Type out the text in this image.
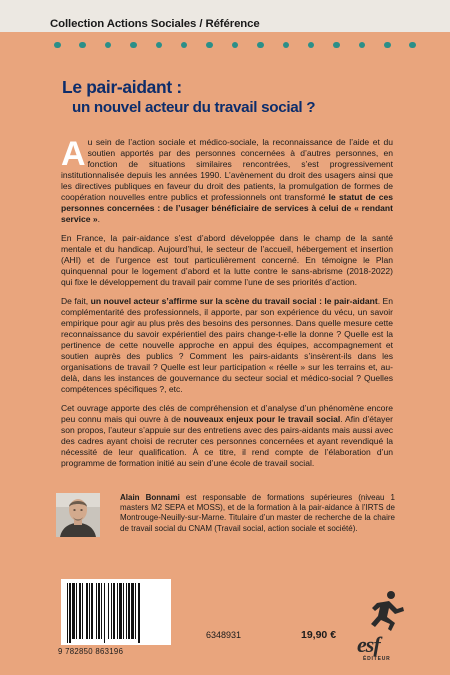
Collection Actions Sociales / Référence
Le pair-aidant :
un nouvel acteur du travail social ?

Au sein de l’action sociale et médico-sociale, la reconnaissance de l’aide et du soutien apportés par des personnes concernées à d’autres personnes, en fonction de situations similaires rencontrées, s’est progressivement institutionnalisée depuis les années 1990. L’avènement du droit des usagers ainsi que les directives publiques en faveur du droit des patients, la promulgation de formes de coopération nouvelles entre publics et professionnels ont transformé le statut de ces personnes concernées : de l’usager bénéficiaire de services à celui de « rendant service ».

En France, la pair-aidance s’est d’abord développée dans le champ de la santé mentale et du handicap. Aujourd’hui, le secteur de l’accueil, hébergement et insertion (AHI) et de l’urgence est tout particulièrement concerné. En témoigne le Plan quinquennal pour le logement d’abord et la lutte contre le sans-abrisme (2018-2022) qui fixe le développement du travail pair comme l’une de ses priorités d’action.

De fait, un nouvel acteur s’affirme sur la scène du travail social : le pair-aidant. En complémentarité des professionnels, il apporte, par son expérience du vécu, un savoir empirique pour agir au plus près des besoins des personnes. Dans quelle mesure cette reconnaissance du savoir expérientiel des pairs change-t-elle la donne ? Quelle est la pertinence de cette nouvelle approche en appui des équipes, accompagnement et soutien auprès des publics ? Comment les pairs-aidants s’insèrent-ils dans les organisations de travail ? Quelle est leur participation « réelle » sur les terrains et, au-delà, dans les instances de gouvernance du secteur social et médico-social ? Quelles compétences spécifiques ?, etc.

Cet ouvrage apporte des clés de compréhension et d’analyse d’un phénomène encore peu connu mais qui ouvre à de nouveaux enjeux pour le travail social. Afin d’étayer son propos, l’auteur s’appuie sur des entretiens avec des pairs-aidants mais aussi avec des cadres ayant choisi de recruter ces personnes concernées et ayant revendiqué la nécessité de leur qualification. À ce titre, il rend compte de l’élaboration d’un programme de formation initié au sein d’une école de travail social.

Alain Bonnami est responsable de formations supérieures (niveau 1 masters M2 SEPA et MOSS), et de la formation à la pair-aidance à l’IRTS de Montrouge-Neuilly-sur-Marne. Titulaire d’un master de recherche de la chaire de travail social du CNAM (Travail social, action sociale et société).

9 782850 863196
6348931	19,90 € esf
ÉDITEUR
